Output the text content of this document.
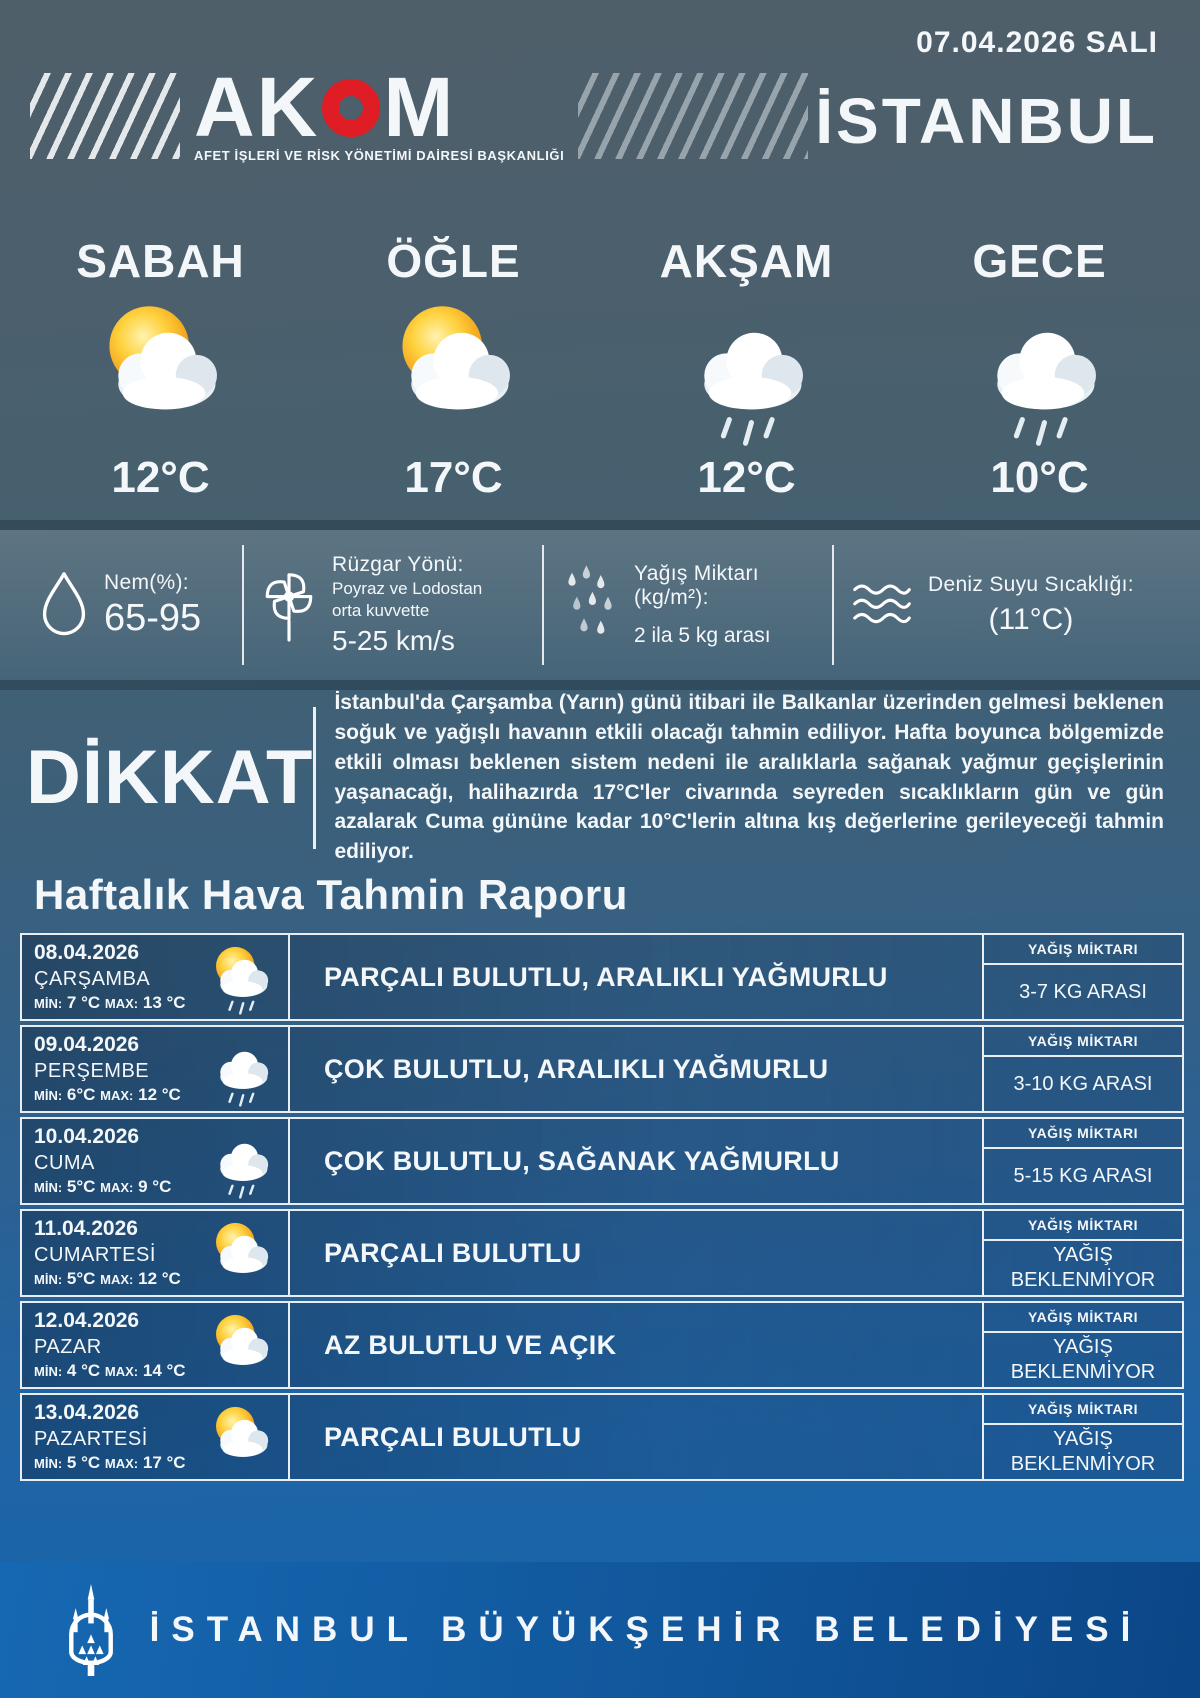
07.04.2026 SALI
AK M
AFET İŞLERİ VE RİSK YÖNETİMİ DAİRESİ BAŞKANLIĞI	İSTANBUL
SABAH
12°C
ÖĞLE
17°C
AKŞAM
12°C
GECE
10°C
Nem(%):
65-95
Rüzgar Yönü:
Poyraz ve Lodostan
orta kuvvette
5-25 km/s
Yağış Miktarı (kg/m²):
2 ila 5 kg arası
Deniz Suyu Sıcaklığı:
(11°C)
DİKKAT
İstanbul'da Çarşamba (Yarın) günü itibari ile Balkanlar üzerinden gelmesi beklenen soğuk ve yağışlı havanın etkili olacağı tahmin ediliyor. Hafta boyunca bölgemizde etkili olması beklenen sistem nedeni ile aralıklarla sağanak yağmur geçişlerinin yaşanacağı, halihazırda 17°C'ler civarında seyreden sıcaklıkların gün ve gün azalarak Cuma gününe kadar 10°C'lerin altına kış değerlerine gerileyeceği tahmin ediliyor.
Haftalık Hava Tahmin Raporu
08.04.2026
ÇARŞAMBA
MİN: 7 °C MAX: 13 °C
PARÇALI BULUTLU, ARALIKLI YAĞMURLU
YAĞIŞ MİKTARI
3-7 KG ARASI
09.04.2026
PERŞEMBE
MİN: 6°C MAX: 12 °C
ÇOK BULUTLU, ARALIKLI YAĞMURLU
YAĞIŞ MİKTARI
3-10 KG ARASI
10.04.2026
CUMA
MİN: 5°C MAX: 9 °C
ÇOK BULUTLU, SAĞANAK YAĞMURLU
YAĞIŞ MİKTARI
5-15 KG ARASI
11.04.2026
CUMARTESİ
MİN: 5°C MAX: 12 °C
PARÇALI BULUTLU
YAĞIŞ MİKTARI
YAĞIŞ BEKLENMİYOR
12.04.2026
PAZAR
MİN: 4 °C MAX: 14 °C
AZ BULUTLU VE AÇIK
YAĞIŞ MİKTARI
YAĞIŞ BEKLENMİYOR
13.04.2026
PAZARTESİ
MİN: 5 °C MAX: 17 °C
PARÇALI BULUTLU
YAĞIŞ MİKTARI
YAĞIŞ BEKLENMİYOR
İSTANBUL BÜYÜKŞEHİR BELEDİYESİ
